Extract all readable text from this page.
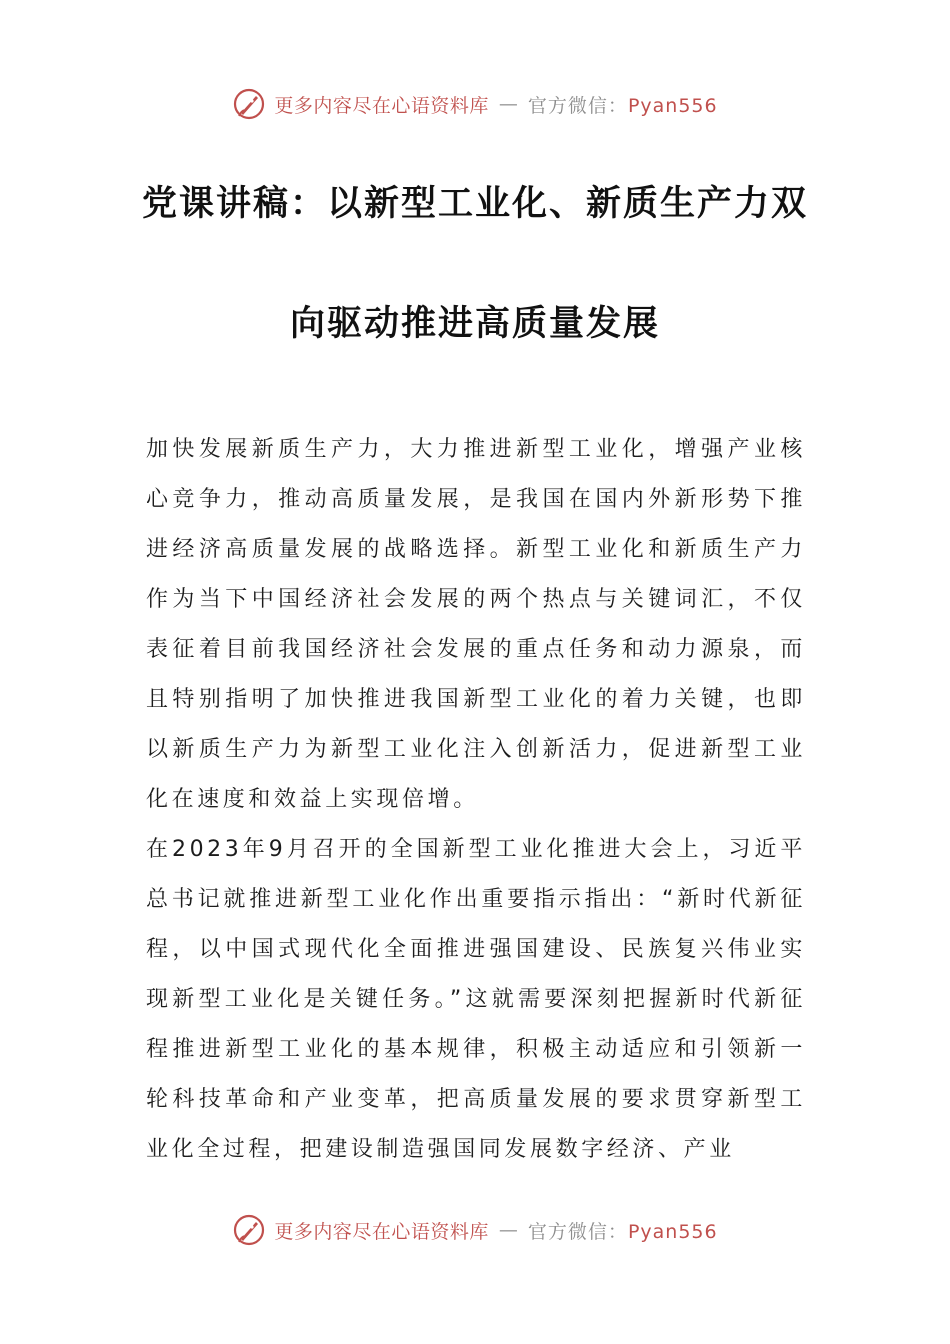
更多内容尽在心语资料库 — 官方微信：Pyan556
党课讲稿：以新型工业化、新质生产力双
向驱动推进高质量发展

加快发展新质生产力，大力推进新型工业化，增强产业核心竞争力，推动高质量发展，是我国在国内外新形势下推进经济高质量发展的战略选择。新型工业化和新质生产力作为当下中国经济社会发展的两个热点与关键词汇，不仅表征着目前我国经济社会发展的重点任务和动力源泉，而且特别指明了加快推进我国新型工业化的着力关键，也即以新质生产力为新型工业化注入创新活力，促进新型工业化在速度和效益上实现倍增。

在2023年9月召开的全国新型工业化推进大会上，习近平总书记就推进新型工业化作出重要指示指出：“新时代新征程，以中国式现代化全面推进强国建设、民族复兴伟业实现新型工业化是关键任务。”这就需要深刻把握新时代新征程推进新型工业化的基本规律，积极主动适应和引领新一轮科技革命和产业变革，把高质量发展的要求贯穿新型工业化全过程，把建设制造强国同发展数字经济、产业

更多内容尽在心语资料库 — 官方微信：Pyan556
